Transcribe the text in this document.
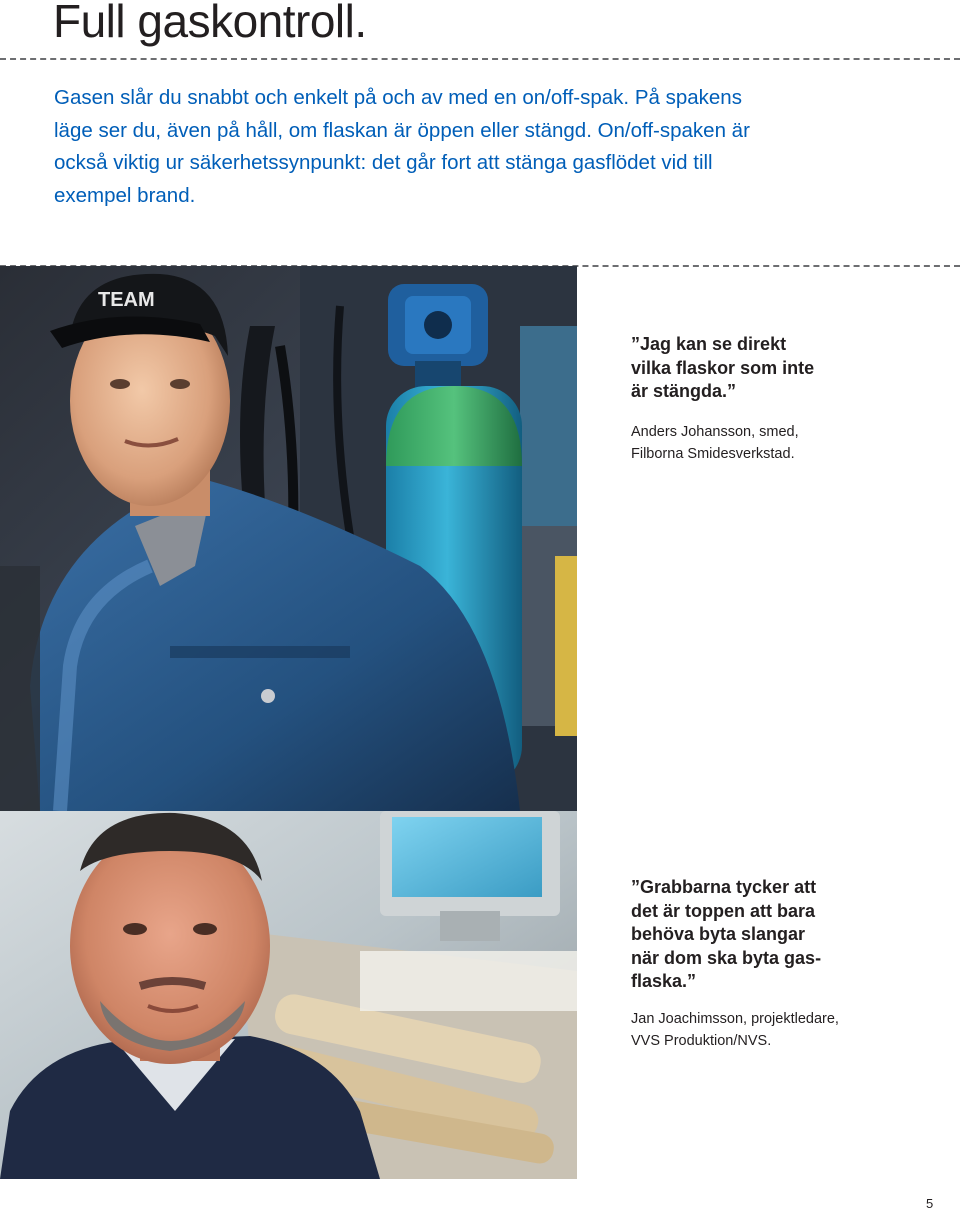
Full gaskontroll.

Gasen slår du snabbt och enkelt på och av med en on/off-spak. På spakens
läge ser du, även på håll, om flaskan är öppen eller stängd. On/off-spaken är
också viktig ur säkerhetssynpunkt: det går fort att stänga gasflödet vid till
exempel brand.

TEAM

”Jag kan se direkt
vilka flaskor som inte
är stängda.”

Anders Johansson, smed,
Filborna Smidesverkstad.

”Grabbarna tycker att
det är toppen att bara
behöva byta slangar
när dom ska byta gas-
flaska.”

Jan Joachimsson, projektledare,
VVS Produktion/NVS.

5
